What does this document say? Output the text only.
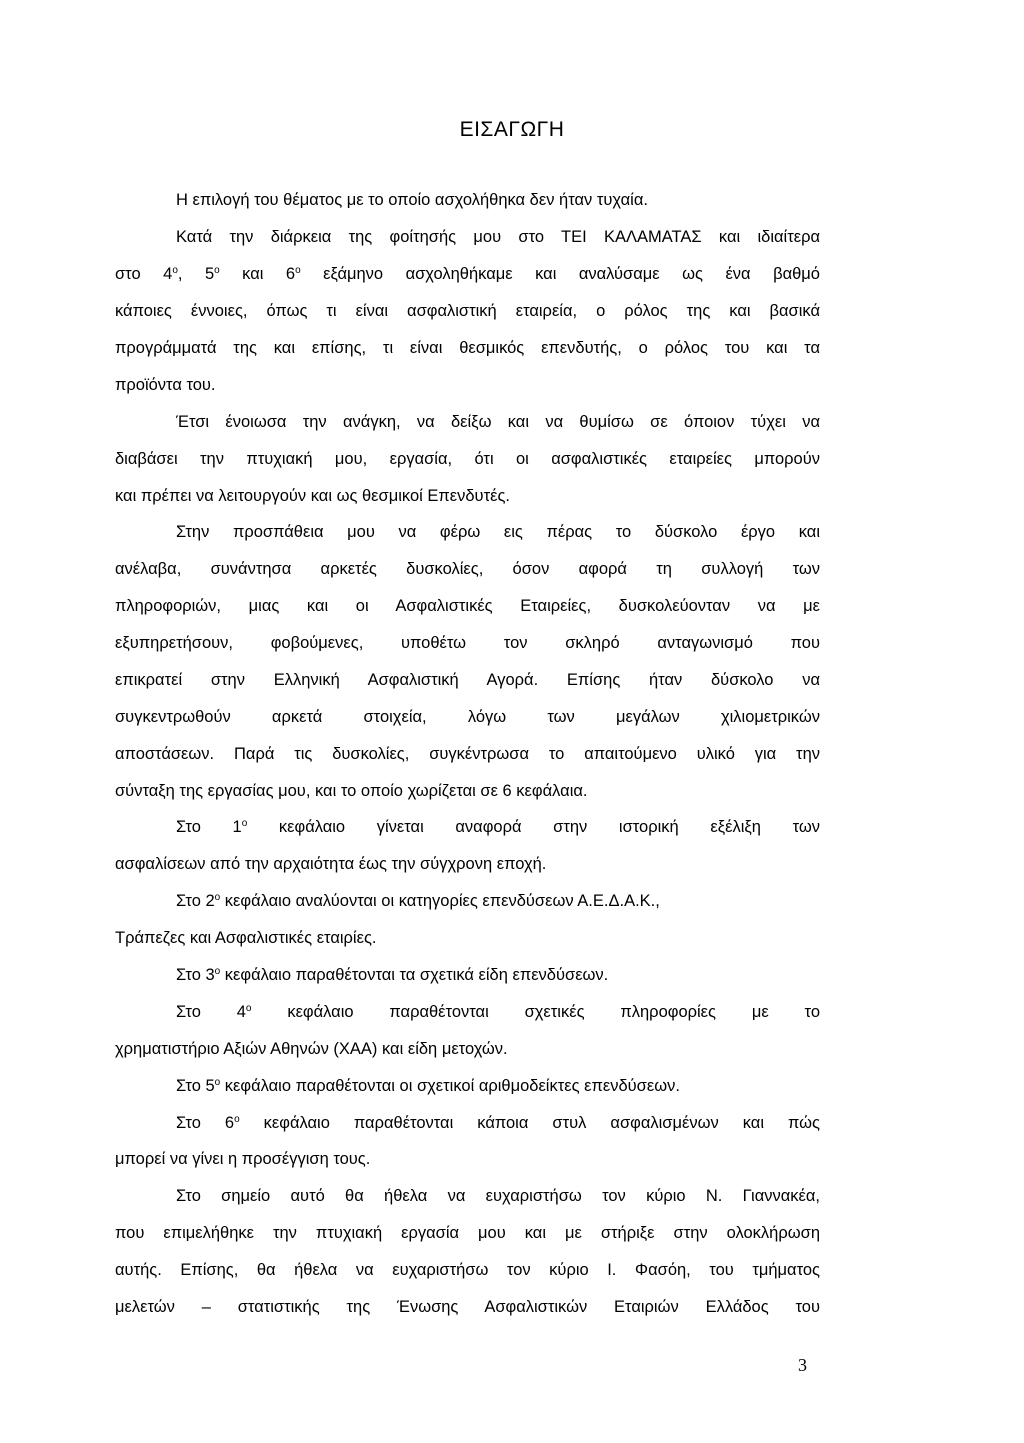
ΕΙΣΑΓΩΓΗ
Η επιλογή του θέματος με το οποίο ασχολήθηκα δεν ήταν τυχαία.
Κατά την διάρκεια της φοίτησής μου στο ΤΕΙ ΚΑΛΑΜΑΤΑΣ και ιδιαίτερα
στο 4$^o$, 5$^o$ και 6$^o$ εξάμηνο ασχοληθήκαμε και αναλύσαμε ως ένα βαθμό
κάποιες έννοιες, όπως τι είναι ασφαλιστική εταιρεία, ο ρόλος της και βασικά
προγράμματά της και επίσης, τι είναι θεσμικός επενδυτής, ο ρόλος του και τα
προϊόντα του.
Έτσι ένοιωσα την ανάγκη, να δείξω και να θυμίσω σε όποιον τύχει να
διαβάσει την πτυχιακή μου, εργασία, ότι οι ασφαλιστικές εταιρείες μπορούν
και πρέπει να λειτουργούν και ως θεσμικοί Επενδυτές.
Στην προσπάθεια μου να φέρω εις πέρας το δύσκολο έργο και
ανέλαβα, συνάντησα αρκετές δυσκολίες, όσον αφορά τη συλλογή των
πληροφοριών, μιας και οι Ασφαλιστικές Εταιρείες, δυσκολεύονταν να με
εξυπηρετήσουν, φοβούμενες, υποθέτω τον σκληρό ανταγωνισμό που
επικρατεί στην Ελληνική Ασφαλιστική Αγορά. Επίσης ήταν δύσκολο να
συγκεντρωθούν αρκετά στοιχεία, λόγω των μεγάλων χιλιομετρικών
αποστάσεων. Παρά τις δυσκολίες, συγκέντρωσα το απαιτούμενο υλικό για την
σύνταξη της εργασίας μου, και το οποίο χωρίζεται σε 6 κεφάλαια.
Στο 1$^o$ κεφάλαιο γίνεται αναφορά στην ιστορική εξέλιξη των
ασφαλίσεων από την αρχαιότητα έως την σύγχρονη εποχή.
Στο 2$^o$ κεφάλαιο αναλύονται οι κατηγορίες επενδύσεων Α.Ε.Δ.Α.Κ.,
Τράπεζες και Ασφαλιστικές εταιρίες.
Στο 3$^o$ κεφάλαιο παραθέτονται τα σχετικά είδη επενδύσεων.
Στο 4$^o$ κεφάλαιο παραθέτονται σχετικές πληροφορίες με το
χρηματιστήριο Αξιών Αθηνών (ΧΑΑ) και είδη μετοχών.
Στο 5$^o$ κεφάλαιο παραθέτονται οι σχετικοί αριθμοδείκτες επενδύσεων.
Στο 6$^o$ κεφάλαιο παραθέτονται κάποια στυλ ασφαλισμένων και πώς
μπορεί να γίνει η προσέγγιση τους.
Στο σημείο αυτό θα ήθελα να ευχαριστήσω τον κύριο Ν. Γιαννακέα,
που επιμελήθηκε την πτυχιακή εργασία μου και με στήριξε στην ολοκλήρωση
αυτής. Επίσης, θα ήθελα να ευχαριστήσω τον κύριο Ι. Φασόη, του τμήματος
μελετών – στατιστικής της Ένωσης Ασφαλιστικών Εταιριών Ελλάδος του
3
